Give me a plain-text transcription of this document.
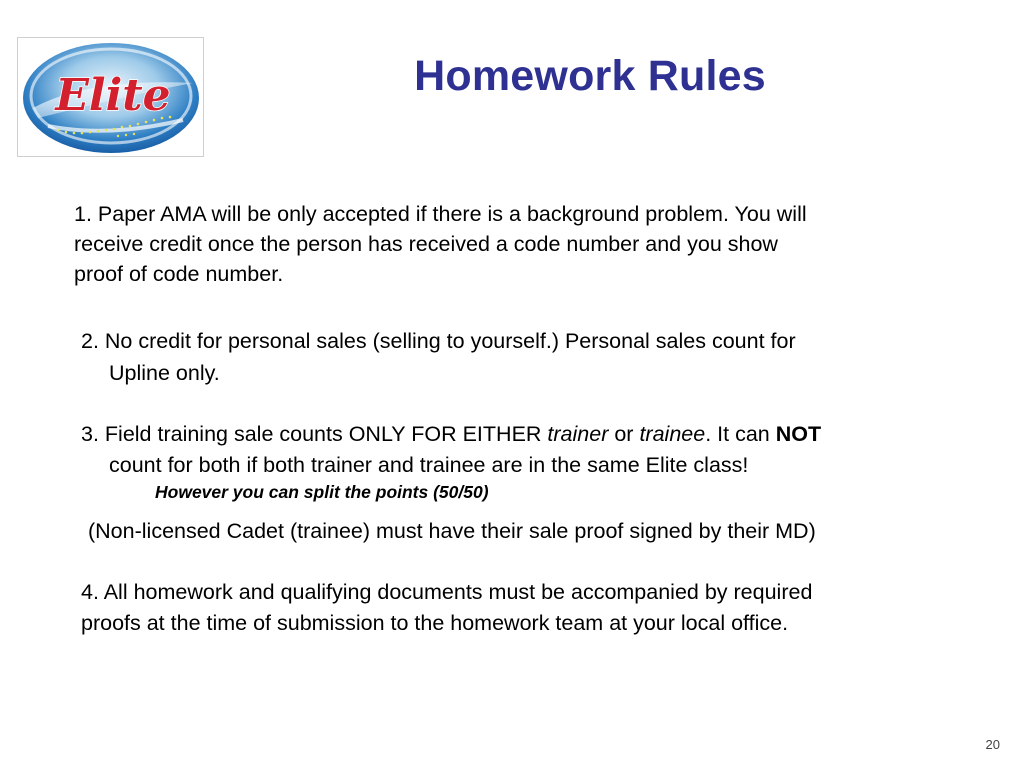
Elite	Homework Rules
1. Paper AMA will be only accepted if there is a background problem. You will
receive credit once the person has received a code number and you show
proof of code number.
2. No credit for personal sales (selling to yourself.) Personal sales count for
Upline only.
3. Field training sale counts ONLY FOR EITHER trainer or trainee. It can NOT
count for both if both trainer and trainee are in the same Elite class!
However you can split the points (50/50)
(Non-licensed Cadet (trainee) must have their sale proof signed by their MD)
4. All homework and qualifying documents must be accompanied by required
proofs at the time of submission to the homework team at your local office.
20
